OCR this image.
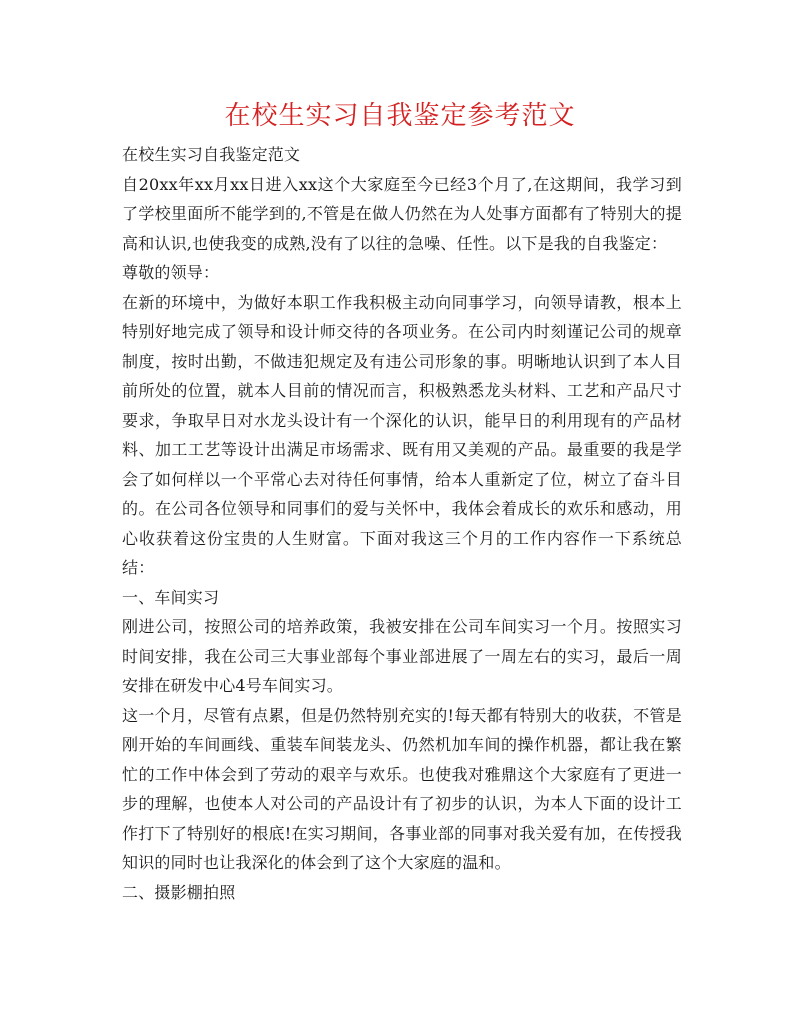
在校生实习自我鉴定参考范文

在校生实习自我鉴定范文

自20xx年xx月xx日进入xx这个大家庭至今已经3个月了,在这期间，我学习到了学校里面所不能学到的,不管是在做人仍然在为人处事方面都有了特别大的提高和认识,也使我变的成熟,没有了以往的急噪、任性。以下是我的自我鉴定：

尊敬的领导：

在新的环境中，为做好本职工作我积极主动向同事学习，向领导请教，根本上特别好地完成了领导和设计师交待的各项业务。在公司内时刻谨记公司的规章制度，按时出勤，不做违犯规定及有违公司形象的事。明晰地认识到了本人目前所处的位置，就本人目前的情况而言，积极熟悉龙头材料、工艺和产品尺寸要求，争取早日对水龙头设计有一个深化的认识，能早日的利用现有的产品材料、加工工艺等设计出满足市场需求、既有用又美观的产品。最重要的我是学会了如何样以一个平常心去对待任何事情，给本人重新定了位，树立了奋斗目的。在公司各位领导和同事们的爱与关怀中，我体会着成长的欢乐和感动，用心收获着这份宝贵的人生财富。下面对我这三个月的工作内容作一下系统总结：

一、车间实习

刚进公司，按照公司的培养政策，我被安排在公司车间实习一个月。按照实习时间安排，我在公司三大事业部每个事业部进展了一周左右的实习，最后一周安排在研发中心4号车间实习。

这一个月，尽管有点累，但是仍然特别充实的!每天都有特别大的收获，不管是刚开始的车间画线、重装车间装龙头、仍然机加车间的操作机器，都让我在繁忙的工作中体会到了劳动的艰辛与欢乐。也使我对雅鼎这个大家庭有了更进一步的理解，也使本人对公司的产品设计有了初步的认识，为本人下面的设计工作打下了特别好的根底!在实习期间，各事业部的同事对我关爱有加，在传授我知识的同时也让我深化的体会到了这个大家庭的温和。

二、摄影棚拍照
